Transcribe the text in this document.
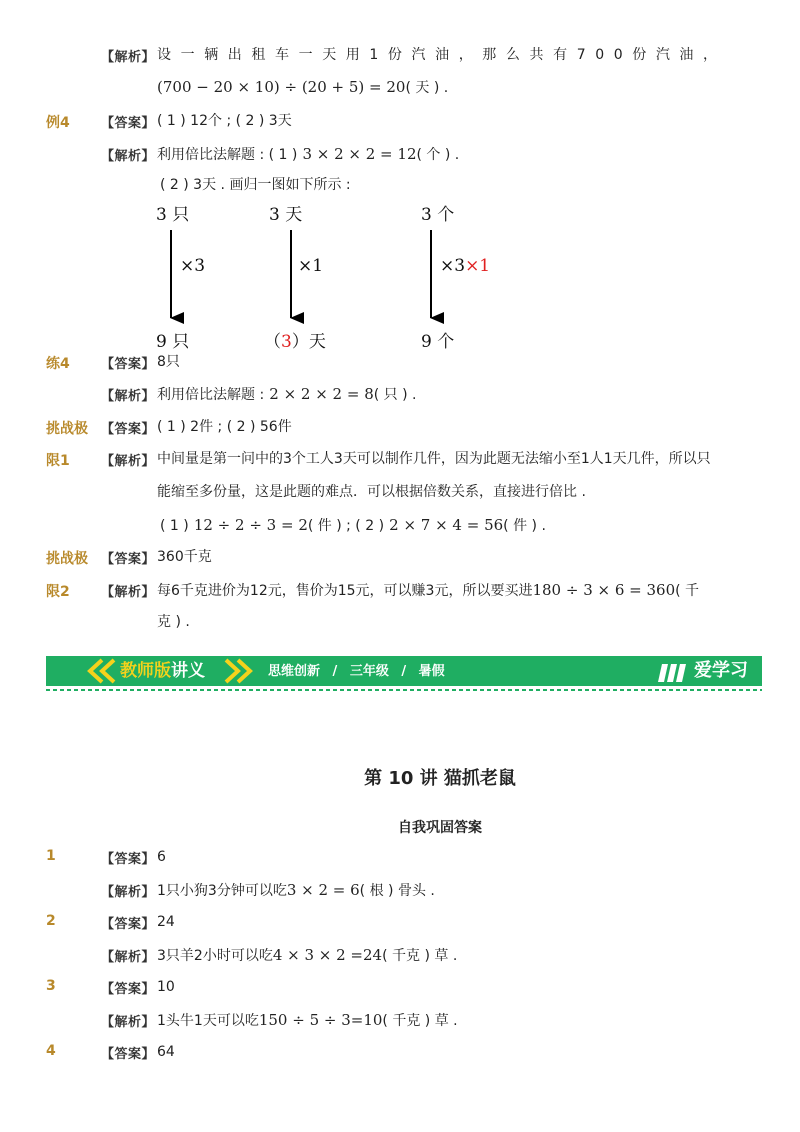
【解析】 设一辆出租车一天用1份汽油，那么共有700份汽油，
(700 − 20 × 10) ÷ (20 + 5) = 20( 天 ) .
例4 【答案】 ( 1 ) 12个 ; ( 2 ) 3天
【解析】 利用倍比法解题 : ( 1 ) 3 × 2 × 2 = 12( 个 ) .
( 2 ) 3天 . 画归一图如下所示 :
3 只	3 天	3 个
×3	×1	×3×1
9 只	（3）天	9 个
练4 【答案】 8只
【解析】 利用倍比法解题 : 2 × 2 × 2 = 8( 只 ) .
挑战极
限1
【答案】 ( 1 ) 2件 ; ( 2 ) 56件
【解析】 中间量是第一问中的3个工人3天可以制作几件，因为此题无法缩小至1人1天几件，所以只
能缩至多份量，这是此题的难点．可以根据倍数关系，直接进行倍比 .
( 1 ) 12 ÷ 2 ÷ 3 = 2( 件 ) ; ( 2 ) 2 × 7 × 4 = 56( 件 ) .
挑战极
限2
【答案】 360千克
【解析】 每6千克进价为12元，售价为15元，可以赚3元，所以要买进180 ÷ 3 × 6 = 360( 千
克 ) .
教师版讲义	思维创新 / 三年级 / 暑假	爱学习
第 10 讲 猫抓老鼠
自我巩固答案
1	【答案】 6
【解析】 1只小狗3分钟可以吃3 × 2 = 6( 根 ) 骨头 .
2	【答案】 24
【解析】 3只羊2小时可以吃4 × 3 × 2 =24( 千克 ) 草 .
3	【答案】 10
【解析】 1头牛1天可以吃150 ÷ 5 ÷ 3=10( 千克 ) 草 .
4	【答案】 64
